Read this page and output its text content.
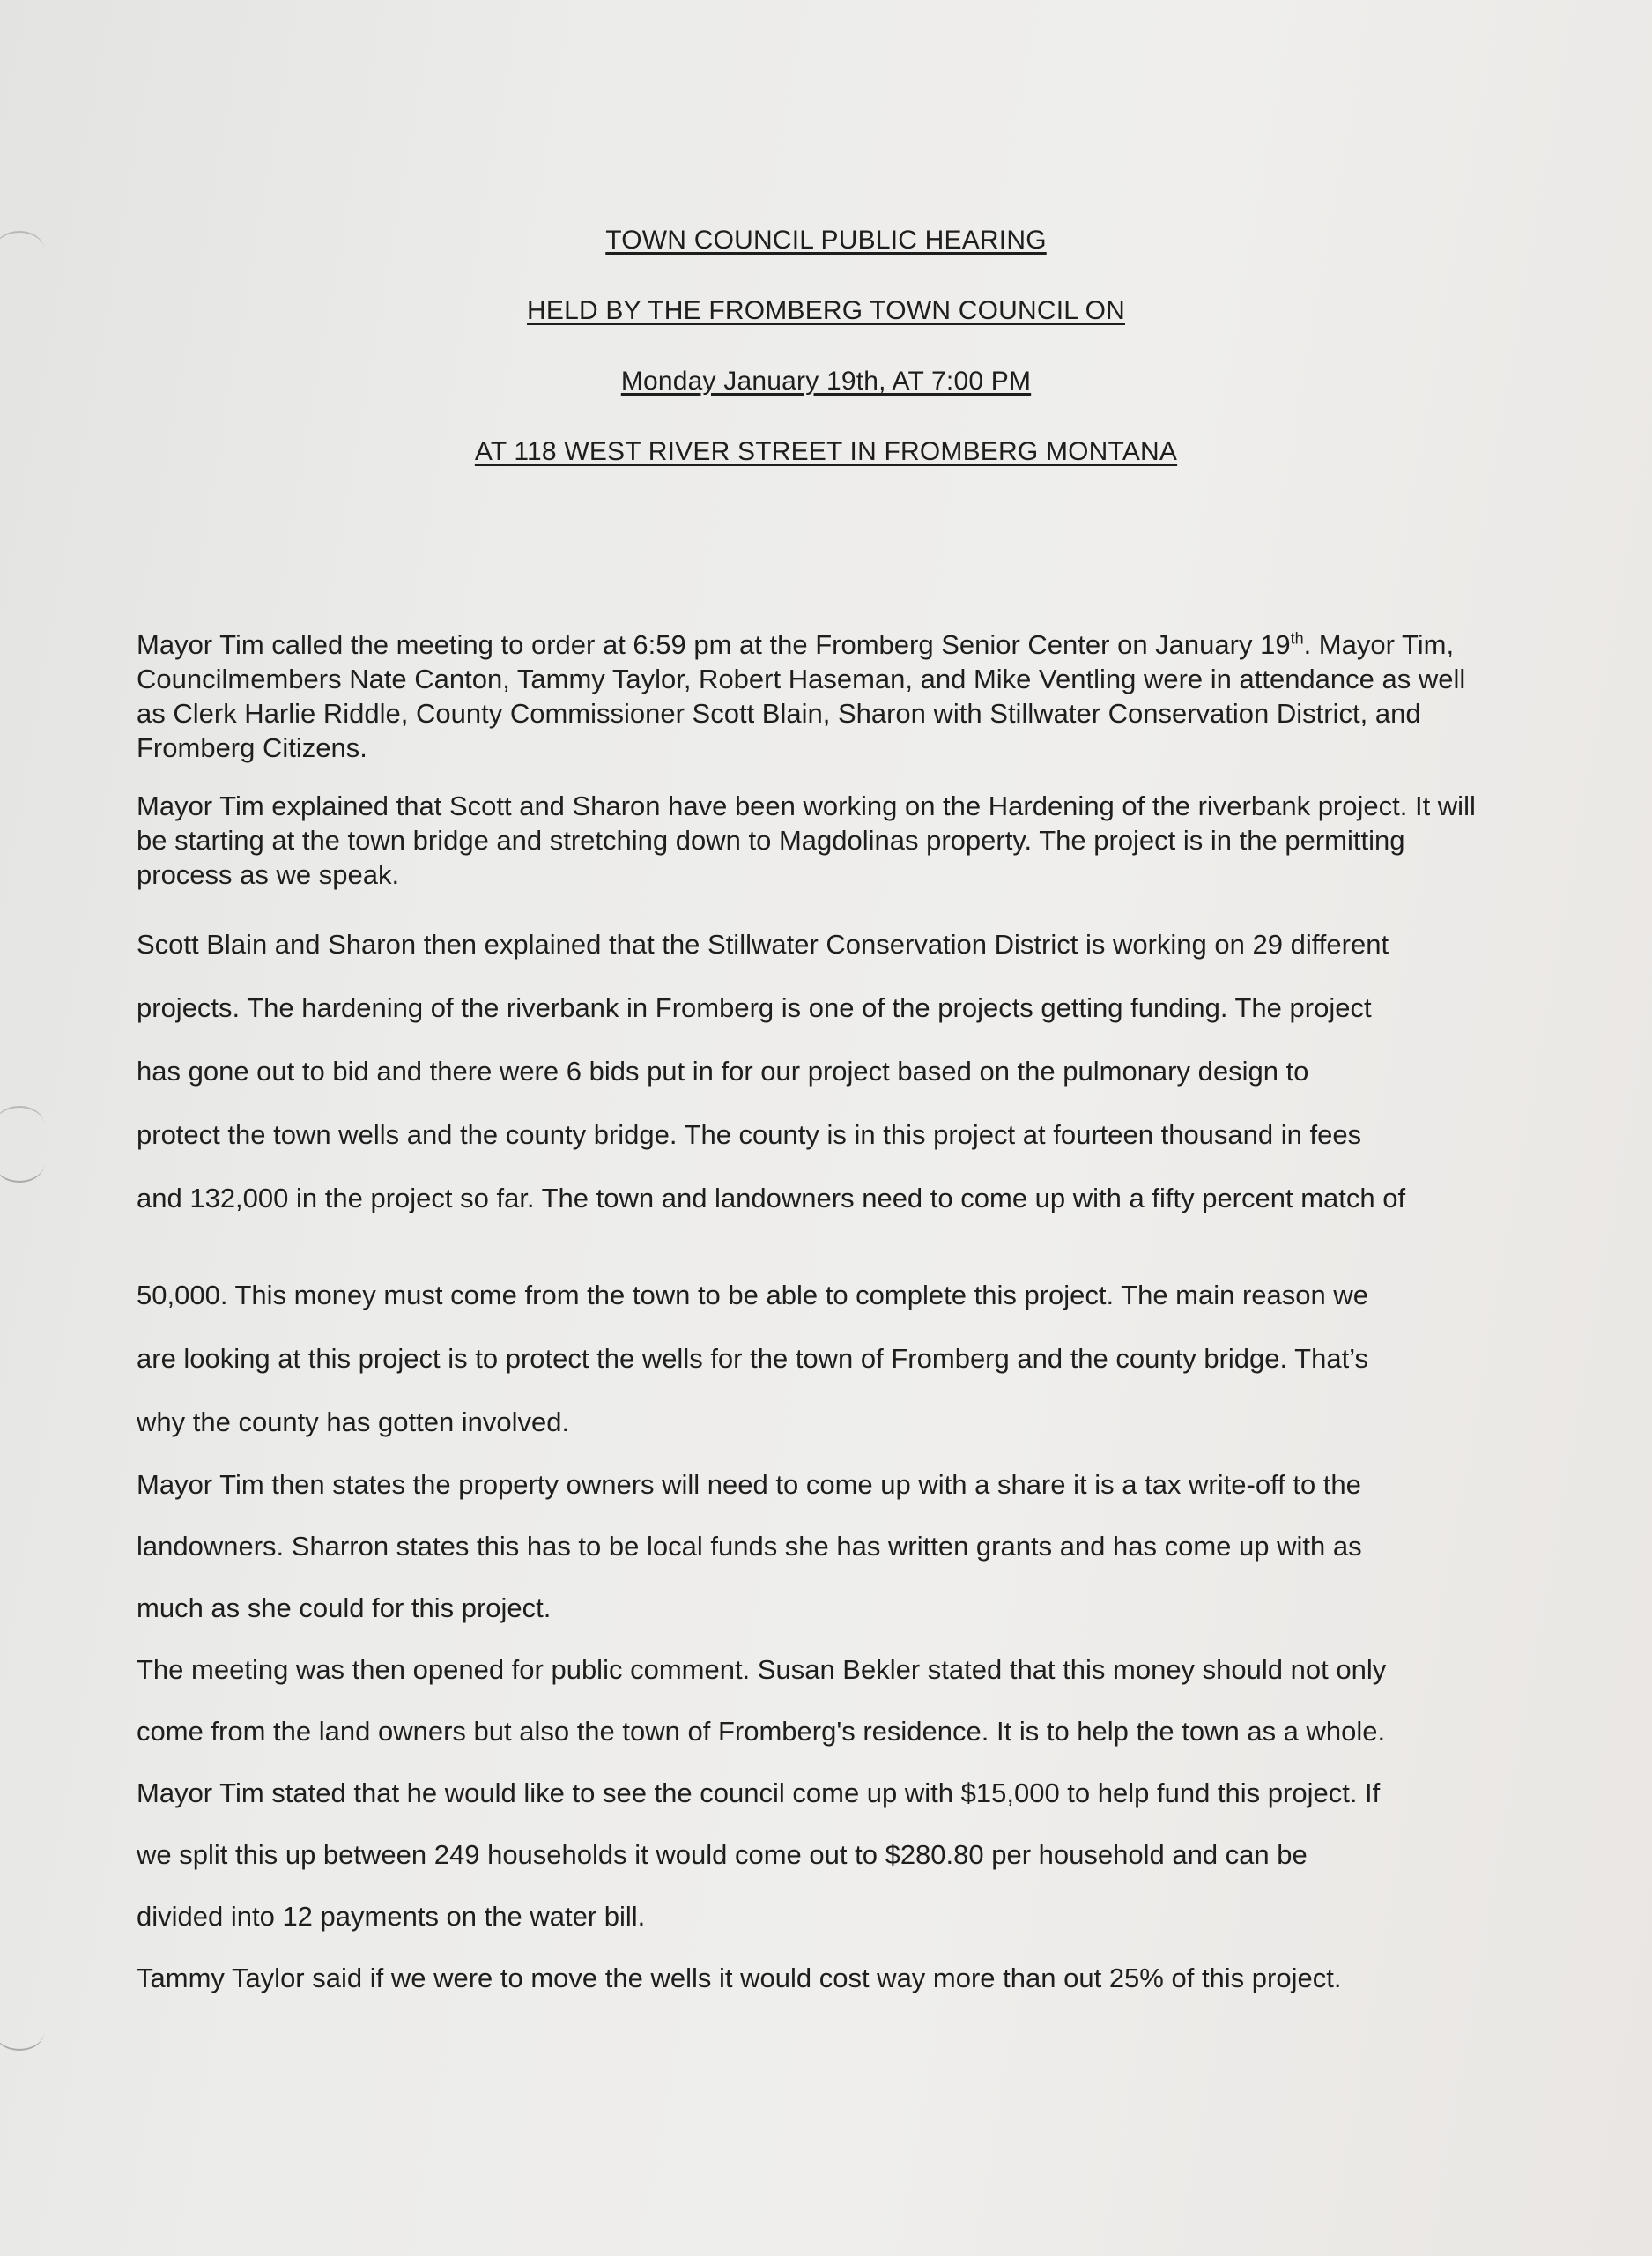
TOWN COUNCIL PUBLIC HEARING
HELD BY THE FROMBERG TOWN COUNCIL ON
Monday January 19th, AT 7:00 PM
AT 118 WEST RIVER STREET IN FROMBERG MONTANA

Mayor Tim called the meeting to order at 6:59 pm at the Fromberg Senior Center on January 19th. Mayor Tim, Councilmembers Nate Canton, Tammy Taylor, Robert Haseman, and Mike Ventling were in attendance as well as Clerk Harlie Riddle, County Commissioner Scott Blain, Sharon with Stillwater Conservation District, and Fromberg Citizens.

Mayor Tim explained that Scott and Sharon have been working on the Hardening of the riverbank project. It will be starting at the town bridge and stretching down to Magdolinas property. The project is in the permitting process as we speak.

Scott Blain and Sharon then explained that the Stillwater Conservation District is working on 29 different
projects. The hardening of the riverbank in Fromberg is one of the projects getting funding. The project
has gone out to bid and there were 6 bids put in for our project based on the pulmonary design to
protect the town wells and the county bridge. The county is in this project at fourteen thousand in fees
and 132,000 in the project so far. The town and landowners need to come up with a fifty percent match of
50,000. This money must come from the town to be able to complete this project. The main reason we
are looking at this project is to protect the wells for the town of Fromberg and the county bridge. That’s
why the county has gotten involved.
Mayor Tim then states the property owners will need to come up with a share it is a tax write-off to the
landowners. Sharron states this has to be local funds she has written grants and has come up with as
much as she could for this project.
The meeting was then opened for public comment. Susan Bekler stated that this money should not only
come from the land owners but also the town of Fromberg's residence. It is to help the town as a whole.
Mayor Tim stated that he would like to see the council come up with $15,000 to help fund this project. If
we split this up between 249 households it would come out to $280.80 per household and can be
divided into 12 payments on the water bill.
Tammy Taylor said if we were to move the wells it would cost way more than out 25% of this project.
